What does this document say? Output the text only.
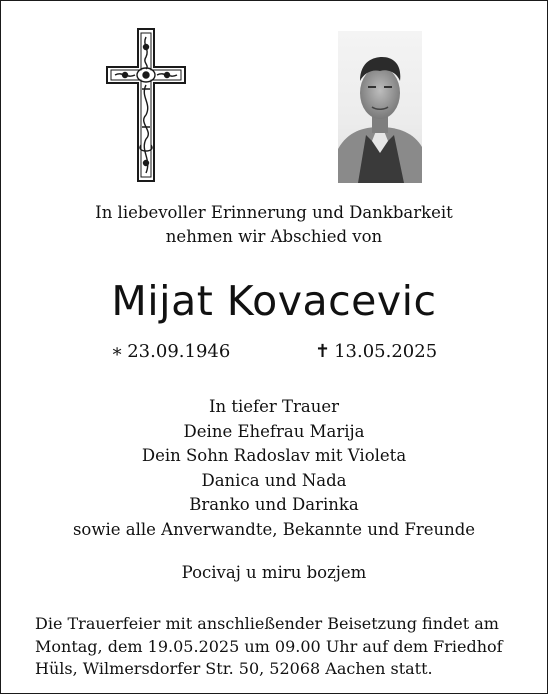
In liebevoller Erinnerung und Dankbarkeit
nehmen wir Abschied von
Mijat Kovacevic
∗ 23.09.1946	✝ 13.05.2025
In tiefer Trauer
Deine Ehefrau Marija
Dein Sohn Radoslav mit Violeta
Danica und Nada
Branko und Darinka
sowie alle Anverwandte, Bekannte und Freunde
Pocivaj u miru bozjem
Die Trauerfeier mit anschließender Beisetzung findet am
Montag, dem 19.05.2025 um 09.00 Uhr auf dem Friedhof
Hüls, Wilmersdorfer Str. 50, 52068 Aachen statt.
